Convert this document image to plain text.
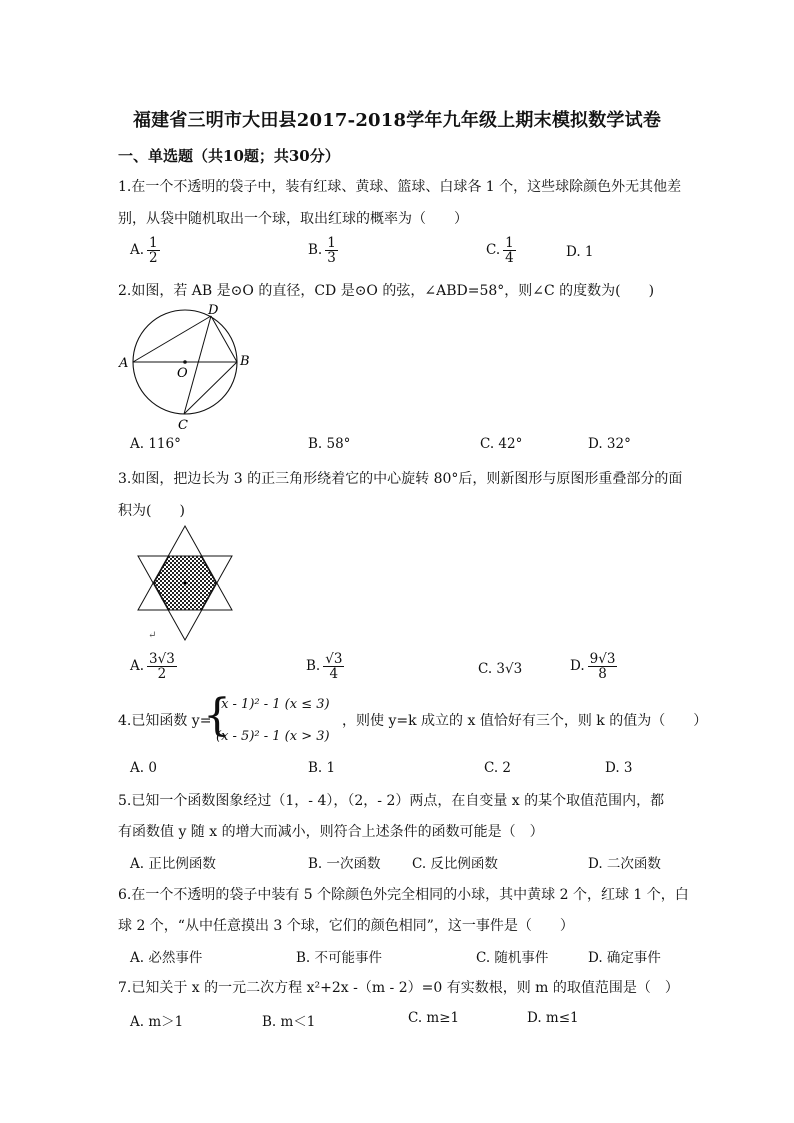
福建省三明市大田县2017-2018学年九年级上期末模拟数学试卷
一、单选题（共10题；共30分）
1.在一个不透明的袋子中，装有红球、黄球、篮球、白球各 1 个，这些球除颜色外无其他差
别，从袋中随机取出一个球，取出红球的概率为（　　）
A. $\frac{1}{2}$	B. $\frac{1}{3}$	C. $\frac{1}{4}$	D. 1
2.如图，若 AB 是⊙O 的直径，CD 是⊙O 的弦，∠ABD=58°，则∠C 的度数为(　　)
A	B
C
D
O
A. 116°	B. 58°	C. 42°	D. 32°
3.如图，把边长为 3 的正三角形绕着它的中心旋转 80°后，则新图形与原图形重叠部分的面
积为(　　)
↵
A. $\frac{3√3}{2}$	B. $\frac{√3}{4}$	C. 3√3	D. $\frac{9√3}{8}$
4.已知函数 y=
{
(x - 1)² - 1 (x ≤ 3)
(x - 5)² - 1 (x > 3)
，则使 y=k 成立的 x 值恰好有三个，则 k 的值为（　　）
A. 0	B. 1	C. 2	D. 3
5.已知一个函数图象经过（1，- 4），（2，- 2）两点，在自变量 x 的某个取值范围内，都
有函数值 y 随 x 的增大而减小，则符合上述条件的函数可能是（　）
A. 正比例函数	B. 一次函数 C. 反比例函数	D. 二次函数
6.在一个不透明的袋子中装有 5 个除颜色外完全相同的小球，其中黄球 2 个，红球 1 个，白
球 2 个，“从中任意摸出 3 个球，它们的颜色相同”，这一事件是（　　）
A. 必然事件	B. 不可能事件	C. 随机事件	D. 确定事件
7.已知关于 x 的一元二次方程 x²+2x -（m - 2）=0 有实数根，则 m 的取值范围是（　）
A. m＞1	B. m＜1	C. m≥1	D. m≤1
